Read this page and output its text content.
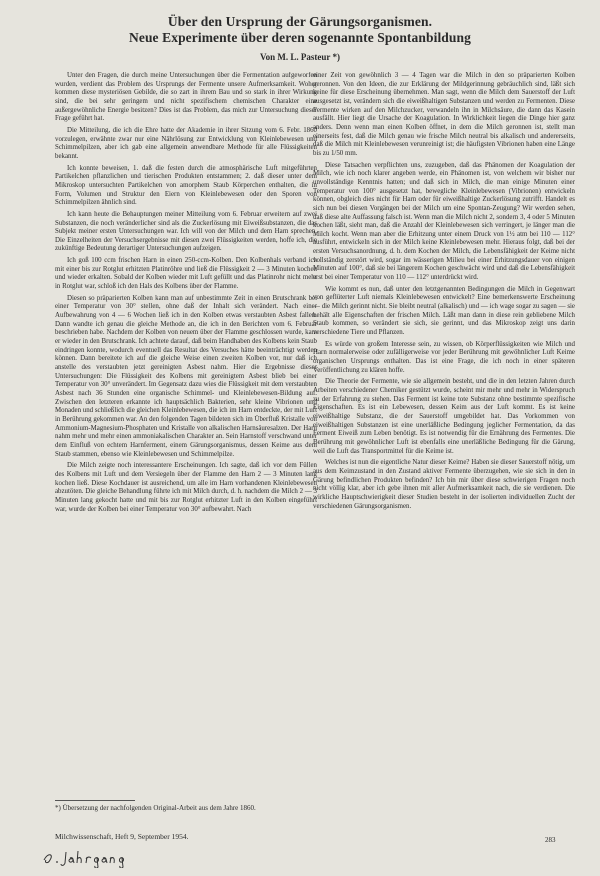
Über den Ursprung der Gärungsorganismen.
Neue Experimente über deren sogenannte Spontanbildung
Von M. L. Pasteur *)

Unter den Fragen, die durch meine Untersuchungen über die Fermentation aufgeworfen wurden, verdient das Problem des Ursprungs der Fermente unsere Aufmerksamkeit. Woher kommen diese mysteriösen Gebilde, die so zart in ihrem Bau und so stark in ihrer Wirkung sind, die bei sehr geringem und nicht spezifischem chemischen Charakter eine außergewöhnliche Energie besitzen? Dies ist das Problem, das mich zur Untersuchung dieser Frage geführt hat.

Die Mitteilung, die ich die Ehre hatte der Akademie in ihrer Sitzung vom 6. Febr. 1860 vorzulegen, erwähnte zwar nur eine Nährlösung zur Entwicklung von Kleinlebewesen und Schimmelpilzen, aber ich gab eine allgemein anwendbare Methode für alle Flüssigkeiten bekannt.

Ich konnte beweisen, 1. daß die festen durch die atmosphärische Luft mitgeführten Partikelchen pflanzlichen und tierischen Produkten entstammen; 2. daß dieser unter dem Mikroskop untersuchten Partikelchen von amorphem Staub Körperchen enthalten, die in Form, Volumen und Struktur den Eiern von Kleinlebewesen oder den Sporen von Schimmelpilzen ähnlich sind.

Ich kann heute die Behauptungen meiner Mitteilung vom 6. Februar erweitern auf zwei Substanzen, die noch veränderlicher sind als die Zuckerlösung mit Eiweißsubstanzen, die das Subjekt meiner ersten Untersuchungen war. Ich will von der Milch und dem Harn sprechen. Die Einzelheiten der Versuchsergebnisse mit diesen zwei Flüssigkeiten werden, hoffe ich, die zukünftige Bedeutung derartiger Untersuchungen aufzeigen.

Ich goß 100 ccm frischen Harn in einen 250-ccm-Kolben. Den Kolbenhals verband ich mit einer bis zur Rotglut erhitzten Platinröhre und ließ die Flüssigkeit 2 — 3 Minuten kochen und wieder erkalten. Sobald der Kolben wieder mit Luft gefüllt und das Platinrohr nicht mehr in Rotglut war, schloß ich den Hals des Kolbens über der Flamme.

Diesen so präparierten Kolben kann man auf unbestimmte Zeit in einen Brutschrank bei einer Temperatur von 30° stellen, ohne daß der Inhalt sich verändert. Nach einer Aufbewahrung von 4 — 6 Wochen ließ ich in den Kolben etwas verstaubten Asbest fallen. Dann wandte ich genau die gleiche Methode an, die ich in den Berichten vom 6. Februar beschrieben habe. Nachdem der Kolben von neuem über der Flamme geschlossen wurde, kam er wieder in den Brutschrank. Ich achtete darauf, daß beim Handhaben des Kolbens kein Staub eindringen konnte, wodurch eventuell das Resultat des Versuches hätte beeinträchtigt werden können. Dann bereitete ich auf die gleiche Weise einen zweiten Kolben vor, nur daß ich anstelle des verstaubten jetzt gereinigten Asbest nahm. Hier die Ergebnisse dieser Untersuchungen: Die Flüssigkeit des Kolbens mit gereinigtem Asbest blieb bei einer Temperatur von 30° unverändert. Im Gegensatz dazu wies die Flüssigkeit mit dem verstaubten Asbest nach 36 Stunden eine organische Schimmel- und Kleinlebewesen-Bildung auf. Zwischen den letzteren erkannte ich hauptsächlich Bakterien, sehr kleine Vibrionen und Monaden und schließlich die gleichen Kleinlebewesen, die ich im Harn entdeckte, der mit Luft in Berührung gekommen war. An den folgenden Tagen bildeten sich im Überfluß Kristalle von Ammonium-Magnesium-Phosphaten und Kristalle von alkalischen Harnsäuresalzen. Der Harn nahm mehr und mehr einen ammoniakalischen Charakter an. Sein Harnstoff verschwand unter dem Einfluß von echtem Harnferment, einem Gärungsorganismus, dessen Keime aus dem Staub stammen, ebenso wie Kleinlebewesen und Schimmelpilze.

Die Milch zeigte noch interessantere Erscheinungen. Ich sagte, daß ich vor dem Füllen des Kolbens mit Luft und dem Versiegeln über der Flamme den Harn 2 — 3 Minuten lang kochen ließ. Diese Kochdauer ist ausreichend, um alle im Harn vorhandenen Kleinlebewesen abzutöten. Die gleiche Behandlung führte ich mit Milch durch, d. h. nachdem die Milch 2 — 3 Minuten lang gekocht hatte und mit bis zur Rotglut erhitzter Luft in den Kolben eingeführt war, wurde der Kolben bei einer Temperatur von 30° aufbewahrt. Nach

einer Zeit von gewöhnlich 3 — 4 Tagen war die Milch in den so präparierten Kolben geronnen. Von den Ideen, die zur Erklärung der Mildgerinnung gebräuchlich sind, läßt sich keine für diese Erscheinung übernehmen. Man sagt, wenn die Milch dem Sauerstoff der Luft ausgesetzt ist, verändern sich die eiweißhaltigen Substanzen und werden zu Fermenten. Diese Fermente wirken auf den Milchzucker, verwandeln ihn in Milchsäure, die dann das Kasein ausfällt. Hier liegt die Ursache der Koagulation. In Wirklichkeit liegen die Dinge hier ganz anders. Denn wenn man einen Kolben öffnet, in dem die Milch geronnen ist, stellt man einerseits fest, daß die Milch genau wie frische Milch neutral bis alkalisch und andererseits, daß die Milch mit Kleinlebewesen verunreinigt ist; die häufigsten Vibrionen haben eine Länge bis zu 1/50 mm.

Diese Tatsachen verpflichten uns, zuzugeben, daß das Phänomen der Koagulation der Milch, wie ich noch klarer angeben werde, ein Phänomen ist, von welchem wir bisher nur unvollständige Kenntnis hatten; und daß sich in Milch, die man einige Minuten einer Temperatur von 100° ausgesetzt hat, bewegliche Kleinlebewesen (Vibrionen) entwickeln können, obgleich dies nicht für Harn oder für eiweißhaltige Zuckerlösung zutrifft. Handelt es sich nun bei diesen Vorgängen bei der Milch um eine Spontan-Zeugung? Wir werden sehen, daß diese alte Auffassung falsch ist. Wenn man die Milch nicht 2, sondern 3, 4 oder 5 Minuten kochen läßt, sieht man, daß die Anzahl der Kleinlebewesen sich verringert, je länger man die Milch kocht. Wenn man aber die Erhitzung unter einem Druck von 1½ atm bei 110 — 112° ausführt, entwickeln sich in der Milch keine Kleinlebewesen mehr. Hieraus folgt, daß bei der ersten Versuchsanordnung, d. h. dem Kochen der Milch, die Lebensfähigkeit der Keime nicht vollständig zerstört wird, sogar im wässerigen Milieu bei einer Erhitzungsdauer von einigen Minuten auf 100°, daß sie bei längerem Kochen geschwächt wird und daß die Lebensfähigkeit erst bei einer Temperatur von 110 — 112° unterdrückt wird.

Wie kommt es nun, daß unter den letztgenannten Bedingungen die Milch in Gegenwart von geflüterter Luft niemals Kleinlebewesen entwickelt? Eine bemerkenswerte Erscheinung — die Milch gerinnt nicht. Sie bleibt neutral (alkalisch) und — ich wage sogar zu sagen — sie behält alle Eigenschaften der frischen Milch. Läßt man dann in diese rein gebliebene Milch Staub kommen, so verändert sie sich, sie gerinnt, und das Mikroskop zeigt uns darin verschiedene Tiere und Pflanzen.

Es würde von großem Interesse sein, zu wissen, ob Körperflüssigkeiten wie Milch und Harn normalerweise oder zufälligerweise vor jeder Berührung mit gewöhnlicher Luft Keime organischen Ursprungs enthalten. Das ist eine Frage, die ich noch in einer späteren Veröffentlichung zu klären hoffe.

Die Theorie der Fermente, wie sie allgemein besteht, und die in den letzten Jahren durch Arbeiten verschiedener Chemiker gestützt wurde, scheint mir mehr und mehr in Widerspruch zu der Erfahrung zu stehen. Das Ferment ist keine tote Substanz ohne bestimmte spezifische Eigenschaften. Es ist ein Lebewesen, dessen Keim aus der Luft kommt. Es ist keine eiweißhaltige Substanz, die der Sauerstoff umgebildet hat. Das Vorkommen von eiweißhaltigen Substanzen ist eine unerläßliche Bedingung jeglicher Fermentation, da das Ferment Eiweiß zum Leben benötigt. Es ist notwendig für die Ernährung des Fermentes. Die Berührung mit gewöhnlicher Luft ist ebenfalls eine unerläßliche Bedingung für die Gärung, weil die Luft das Transportmittel für die Keime ist.

Welches ist nun die eigentliche Natur dieser Keime? Haben sie dieser Sauerstoff nötig, um aus dem Keimzustand in den Zustand aktiver Fermente überzugehen, wie sie sich in den in Gärung befindlichen Produkten befinden? Ich bin mir über diese schwierigen Fragen noch nicht völlig klar, aber ich gebe ihnen mit aller Aufmerksamkeit nach, die sie verdienen. Die wirkliche Hauptschwierigkeit dieser Studien besteht in der isolierten individuellen Zucht der verschiedenen Gärungsorganismen.

*) Übersetzung der nachfolgenden Original-Arbeit aus dem Jahre 1860.
Milchwissenschaft, Heft 9, September 1954.	283
